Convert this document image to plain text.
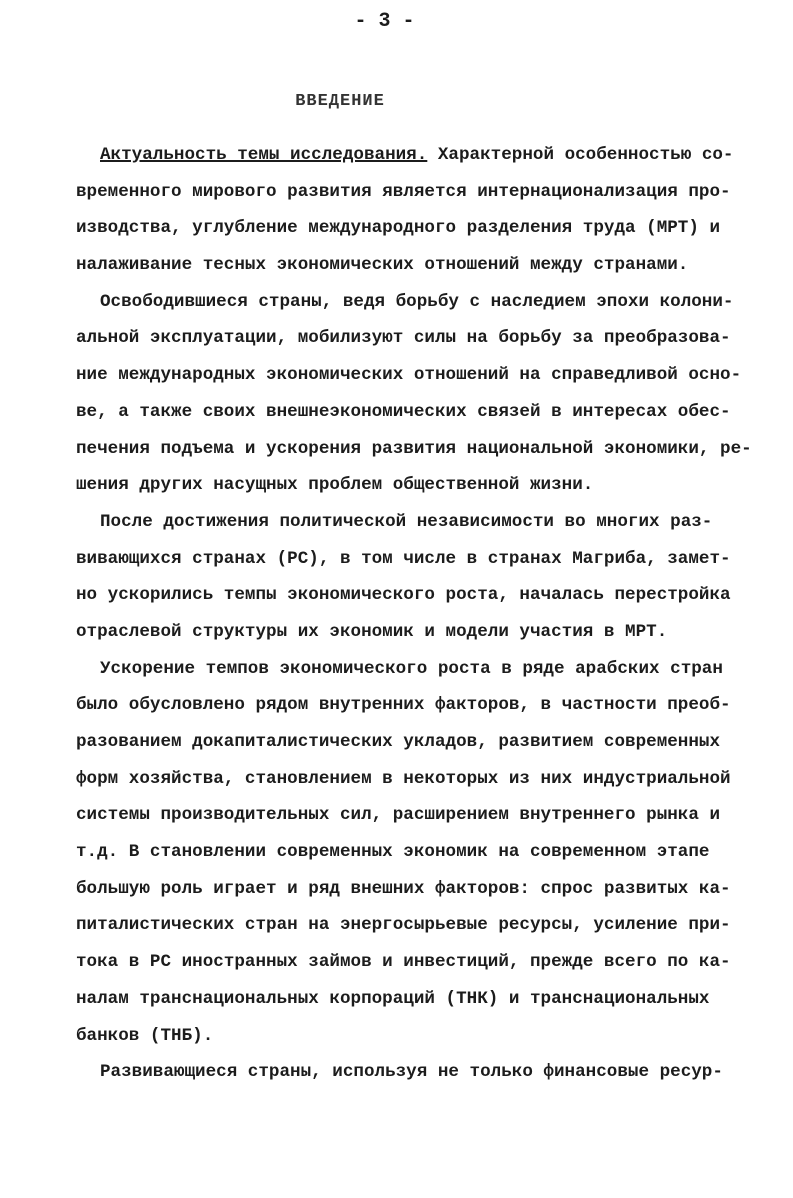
- 3 -
ВВЕДЕНИЕ
Актуальность темы исследования. Характерной особенностью со-
временного мирового развития является интернационализация про-
изводства, углубление международного разделения труда (МРТ) и
налаживание тесных экономических отношений между странами.
Освободившиеся страны, ведя борьбу с наследием эпохи колони-
альной эксплуатации, мобилизуют силы на борьбу за преобразова-
ние международных экономических отношений на справедливой осно-
ве, а также своих внешнеэкономических связей в интересах обес-
печения подъема и ускорения развития национальной экономики, ре-
шения других насущных проблем общественной жизни.
После достижения политической независимости во многих раз-
вивающихся странах (РС), в том числе в странах Магриба, замет-
но ускорились темпы экономического роста, началась перестройка
отраслевой структуры их экономик и модели участия в МРТ.
Ускорение темпов экономического роста в ряде арабских стран
было обусловлено рядом внутренних факторов, в частности преоб-
разованием докапиталистических укладов, развитием современных
форм хозяйства, становлением в некоторых из них индустриальной
системы производительных сил, расширением внутреннего рынка и
т.д. В становлении современных экономик на современном этапе
большую роль играет и ряд внешних факторов: спрос развитых ка-
питалистических стран на энергосырьевые ресурсы, усиление при-
тока в РС иностранных займов и инвестиций, прежде всего по ка-
налам транснациональных корпораций (ТНК) и транснациональных
банков (ТНБ).
Развивающиеся страны, используя не только финансовые ресур-
